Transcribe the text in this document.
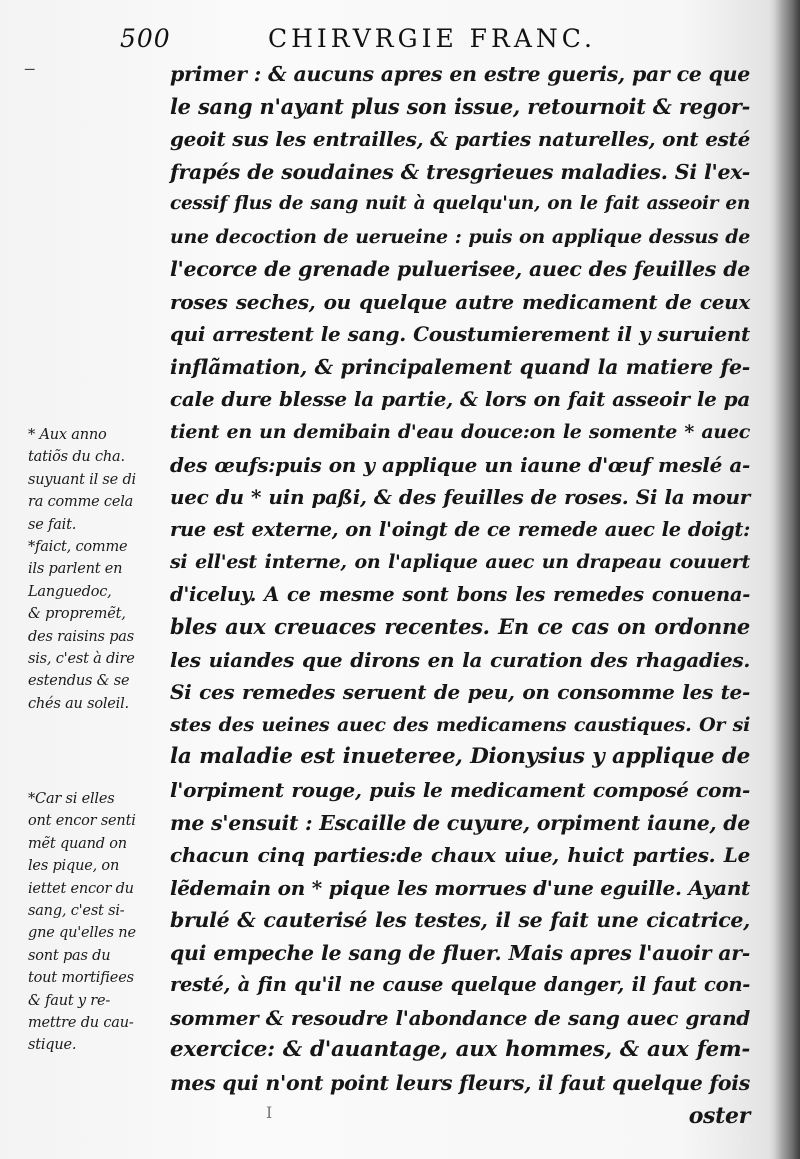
500	CHIRVRGIE FRANC.
‒	primer : & aucuns apres en estre gueris, par ce que
le sang n'ayant plus son issue, retournoit & regor-
geoit sus les entrailles, & parties naturelles, ont esté
frapés de soudaines & tresgrieues maladies. Si l'ex-
cessif flus de sang nuit à quelqu'un, on le fait asseoir en
une decoction de uerueine : puis on applique dessus de
l'ecorce de grenade puluerisee, auec des feuilles de
roses seches, ou quelque autre medicament de ceux
qui arrestent le sang. Coustumierement il y suruient
inflãmation, & principalement quand la matiere fe-
cale dure blesse la partie, & lors on fait asseoir le pa
tient en un demibain d'eau douce:on le somente * auec
des œufs:puis on y applique un iaune d'œuf meslé a-
uec du * uin paßi, & des feuilles de roses. Si la mour
rue est externe, on l'oingt de ce remede auec le doigt:
si ell'est interne, on l'aplique auec un drapeau couuert
d'iceluy. A ce mesme sont bons les remedes conuena-
bles aux creuaces recentes. En ce cas on ordonne
les uiandes que dirons en la curation des rhagadies.
Si ces remedes seruent de peu, on consomme les te-
stes des ueines auec des medicamens caustiques. Or si
la maladie est inueteree, Dionysius y applique de
l'orpiment rouge, puis le medicament composé com-
me s'ensuit : Escaille de cuyure, orpiment iaune, de
chacun cinq parties:de chaux uiue, huict parties. Le
lẽdemain on * pique les morrues d'une eguille. Ayant
brulé & cauterisé les testes, il se fait une cicatrice,
qui empeche le sang de fluer. Mais apres l'auoir ar-
resté, à fin qu'il ne cause quelque danger, il faut con-
sommer & resoudre l'abondance de sang auec grand
exercice: & d'auantage, aux hommes, & aux fem-
mes qui n'ont point leurs fleurs, il faut quelque fois
oster
* Aux anno
tatiõs du cha.
suyuant il se di
ra comme cela
se fait.
*faict, comme
ils parlent en
Languedoc,
& propremẽt,
des raisins pas
sis, c'est à dire
estendus & se
chés au soleil.
*Car si elles
ont encor senti
mẽt quand on
les pique, on
iettet encor du
sang, c'est si-
gne qu'elles ne
sont pas du
tout mortifiees
& faut y re-
mettre du cau-
stique.
I
